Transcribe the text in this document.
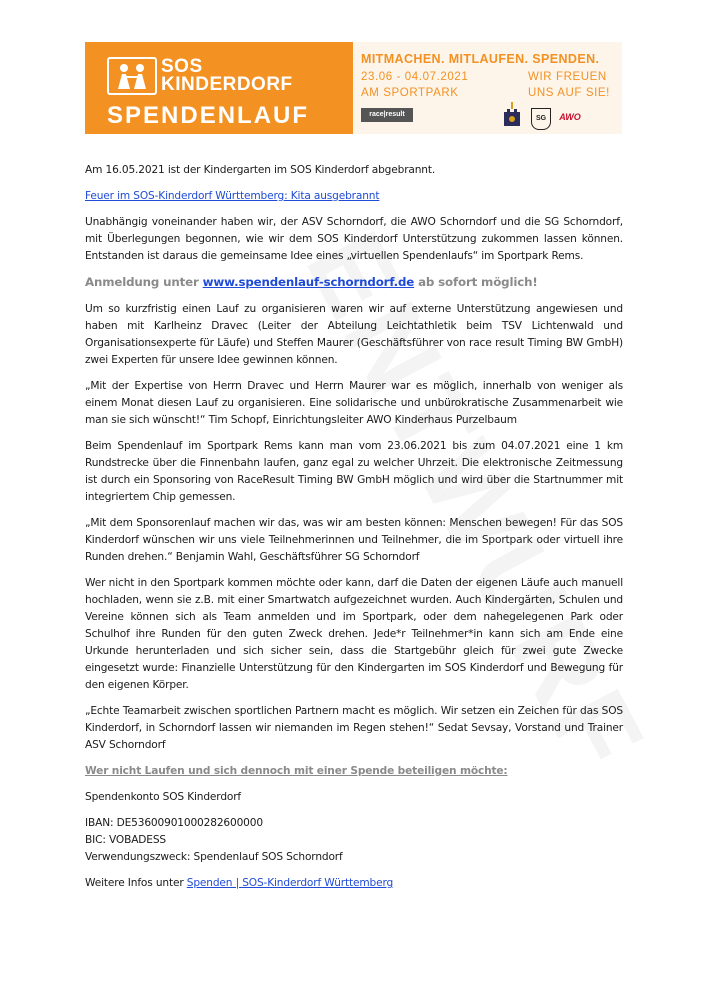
SOS
KINDERDORF
SPENDENLAUF
MITMACHEN. MITLAUFEN. SPENDEN.
23.06 - 04.07.2021
AM SPORTPARK
WIR FREUEN
UNS AUF SIE!
race|result
SG	AWO

Am 16.05.2021 ist der Kindergarten im SOS Kinderdorf abgebrannt.

Feuer im SOS-Kinderdorf Württemberg: Kita ausgebrannt

Unabhängig voneinander haben wir, der ASV Schorndorf, die AWO Schorndorf und die SG Schorndorf, mit Überlegungen begonnen, wie wir dem SOS Kinderdorf Unterstützung zukommen lassen können. Entstanden ist daraus die gemeinsame Idee eines „virtuellen Spendenlaufs“ im Sportpark Rems.

Anmeldung unter www.spendenlauf-schorndorf.de ab sofort möglich!

Um so kurzfristig einen Lauf zu organisieren waren wir auf externe Unterstützung angewiesen und haben mit Karlheinz Dravec (Leiter der Abteilung Leichtathletik beim TSV Lichtenwald und Organisationsexperte für Läufe) und Steffen Maurer (Geschäftsführer von race result Timing BW GmbH) zwei Experten für unsere Idee gewinnen können.

„Mit der Expertise von Herrn Dravec und Herrn Maurer war es möglich, innerhalb von weniger als einem Monat diesen Lauf zu organisieren. Eine solidarische und unbürokratische Zusammenarbeit wie man sie sich wünscht!“ Tim Schopf, Einrichtungsleiter AWO Kinderhaus Purzelbaum

Beim Spendenlauf im Sportpark Rems kann man vom 23.06.2021 bis zum 04.07.2021 eine 1 km Rundstrecke über die Finnenbahn laufen, ganz egal zu welcher Uhrzeit. Die elektronische Zeitmessung ist durch ein Sponsoring von RaceResult Timing BW GmbH möglich und wird über die Startnummer mit integriertem Chip gemessen.

„Mit dem Sponsorenlauf machen wir das, was wir am besten können: Menschen bewegen! Für das SOS Kinderdorf wünschen wir uns viele Teilnehmerinnen und Teilnehmer, die im Sportpark oder virtuell ihre Runden drehen.“ Benjamin Wahl, Geschäftsführer SG Schorndorf

Wer nicht in den Sportpark kommen möchte oder kann, darf die Daten der eigenen Läufe auch manuell hochladen, wenn sie z.B. mit einer Smartwatch aufgezeichnet wurden. Auch Kindergärten, Schulen und Vereine können sich als Team anmelden und im Sportpark, oder dem nahegelegenen Park oder Schulhof ihre Runden für den guten Zweck drehen. Jede*r Teilnehmer*in kann sich am Ende eine Urkunde herunterladen und sich sicher sein, dass die Startgebühr gleich für zwei gute Zwecke eingesetzt wurde: Finanzielle Unterstützung für den Kindergarten im SOS Kinderdorf und Bewegung für den eigenen Körper.

„Echte Teamarbeit zwischen sportlichen Partnern macht es möglich. Wir setzen ein Zeichen für das SOS Kinderdorf, in Schorndorf lassen wir niemanden im Regen stehen!“ Sedat Sevsay, Vorstand und Trainer ASV Schorndorf

Wer nicht Laufen und sich dennoch mit einer Spende beteiligen möchte:

Spendenkonto SOS Kinderdorf

IBAN: DE53600901000282600000

BIC: VOBADESS

Verwendungszweck: Spendenlauf SOS Schorndorf

Weitere Infos unter Spenden | SOS-Kinderdorf Württemberg
